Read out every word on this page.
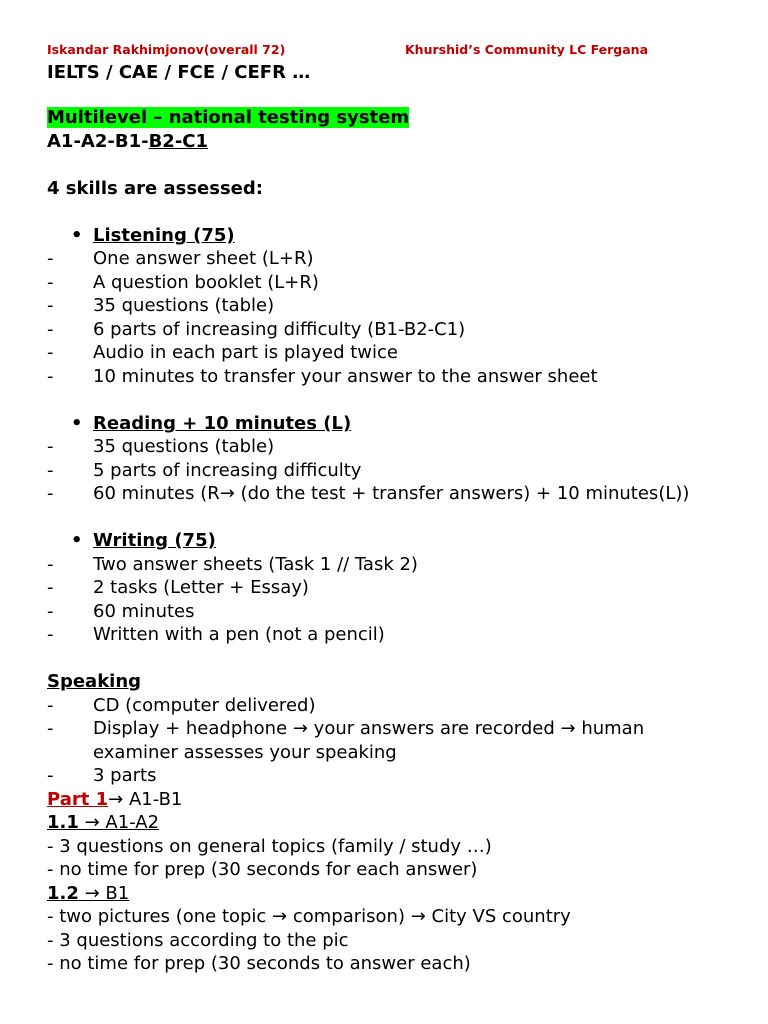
Iskandar Rakhimjonov(overall 72)	Khurshid’s Community LC Fergana
IELTS / CAE / FCE / CEFR …
Multilevel – national testing system
A1-A2-B1-B2-C1
4 skills are assessed:
• Listening (75)
- One answer sheet (L+R)
- A question booklet (L+R)
- 35 questions (table)
- 6 parts of increasing difficulty (B1-B2-C1)
- Audio in each part is played twice
- 10 minutes to transfer your answer to the answer sheet
• Reading + 10 minutes (L)
- 35 questions (table)
- 5 parts of increasing difficulty
- 60 minutes (R→ (do the test + transfer answers) + 10 minutes(L))
• Writing (75)
- Two answer sheets (Task 1 // Task 2)
- 2 tasks (Letter + Essay)
- 60 minutes
- Written with a pen (not a pencil)
Speaking
- CD (computer delivered)
- Display + headphone → your answers are recorded → human
examiner assesses your speaking
- 3 parts
Part 1→ A1-B1
1.1 → A1-A2
- 3 questions on general topics (family / study …)
- no time for prep (30 seconds for each answer)
1.2 → B1
- two pictures (one topic → comparison) → City VS country
- 3 questions according to the pic
- no time for prep (30 seconds to answer each)
